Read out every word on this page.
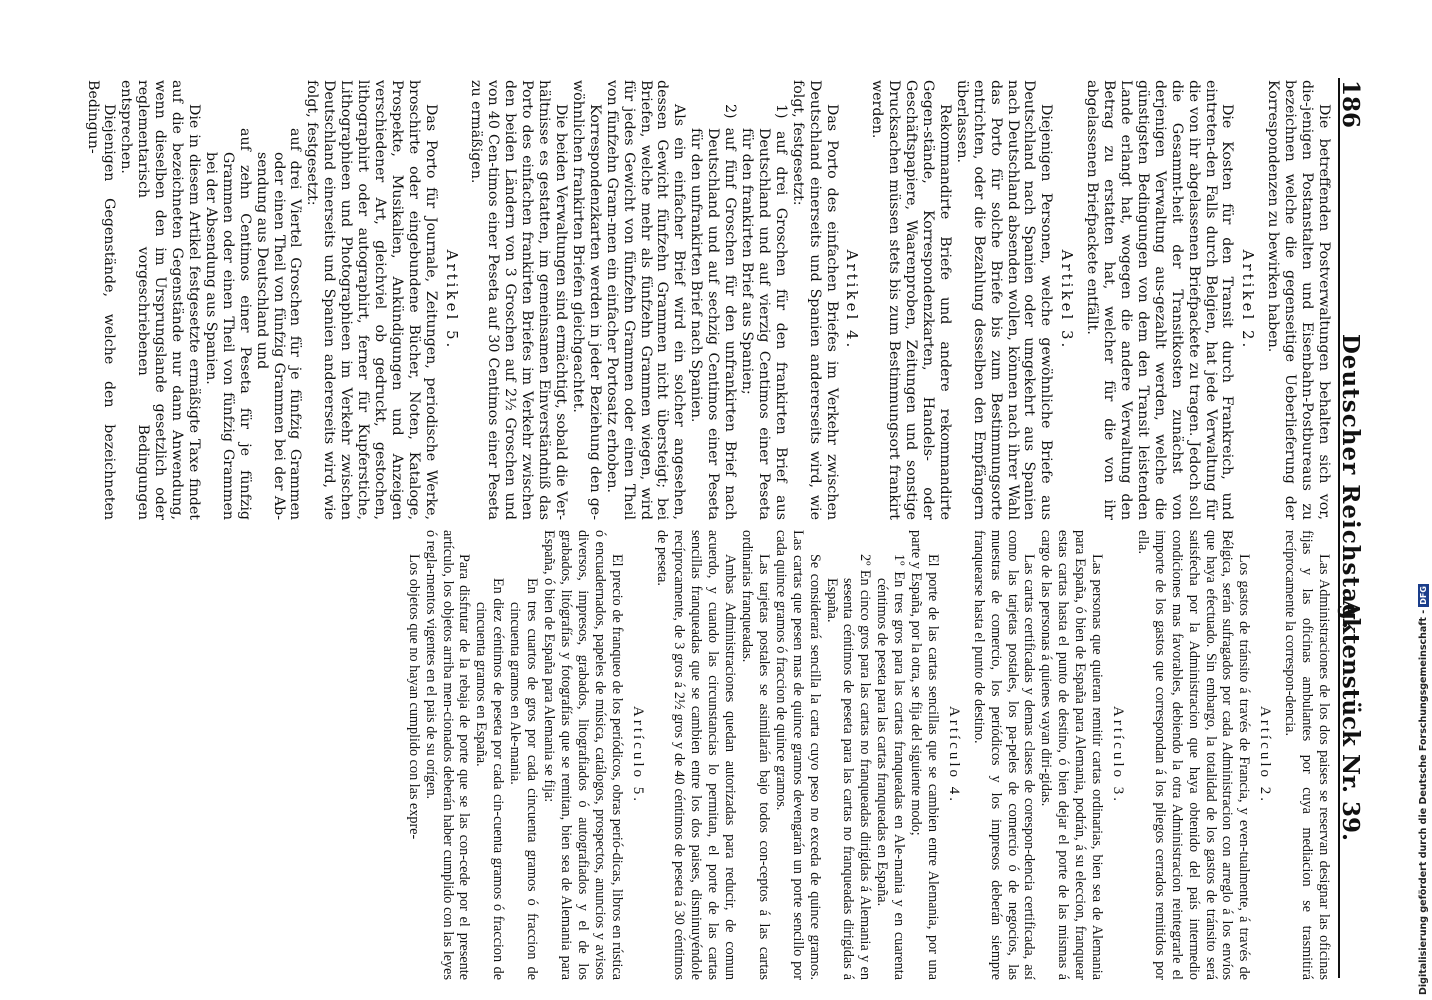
186
Deutscher Reichstag.
Aktenstück Nr. 39.

Die betreffenden Postverwaltungen behalten sich vor, die-jenigen Postanstalten und Eisenbahn-Postbureaus zu bezeichnen welche die gegenseitige Ueberlieferung der Korrespondenzen zu bewirken haben.

Artikel 2.

Die Kosten für den Transit durch Frankreich, und eintreten-den Falls durch Belgien, hat jede Verwaltung für die von ihr abgelassenen Briefpackete zu tragen. Jedoch soll die Gesammt-heit der Transitkosten zunächst von derjenigen Verwaltung aus-gezahlt werden, welche die günstigsten Bedingungen von dem den Transit leistenden Lande erlangt hat, wogegen die andere Verwaltung den Betrag zu erstatten hat, welcher für die von ihr abgelassenen Briefpackete entfällt.

Artikel 3.

Diejenigen Personen, welche gewöhnliche Briefe aus Deutschland nach Spanien oder umgekehrt aus Spanien nach Deutschland absenden wollen, können nach ihrer Wahl das Porto für solche Briefe bis zum Bestimmungsorte entrichten, oder die Bezahlung desselben den Empfängern überlassen.

Rekommandirte Briefe und andere rekommandirte Gegen-stände, Korrespondenzkarten, Handels- oder Geschäftspapiere, Waarenproben, Zeitungen und sonstige Drucksachen müssen stets bis zum Bestimmungsort frankirt werden.

Artikel 4.

Das Porto des einfachen Briefes im Verkehr zwischen Deutschland einerseits und Spanien andererseits wird, wie folgt, festgesetzt:

1) auf drei Groschen für den frankirten Brief aus Deutschland und auf vierzig Centimos einer Peseta für den frankirten Brief aus Spanien;

2) auf fünf Groschen für den unfrankirten Brief nach Deutschland und auf sechzig Centimos einer Peseta für den unfrankirten Brief nach Spanien.

Als ein einfacher Brief wird ein solcher angesehen, dessen Gewicht fünfzehn Grammen nicht übersteigt; bei Briefen, welche mehr als fünfzehn Grammen wiegen, wird für jedes Gewicht von fünfzehn Grammen oder einen Theil von fünfzehn Gram-men ein einfacher Portosatz erhoben.

Korrespondenzkarten werden in jeder Beziehung den ge-wöhnlichen frankirten Briefen gleichgeachtet.

Die beiden Verwaltungen sind ermächtigt, sobald die Ver-hältnisse es gestatten, im gemeinsamen Einverständniß das Porto des einfachen frankirten Briefes im Verkehr zwischen den beiden Ländern von 3 Groschen auf 2½ Groschen und von 40 Cen-timos einer Peseta auf 30 Centimos einer Peseta zu ermäßigen.

Artikel 5.

Das Porto für Journale, Zeitungen, periodische Werke, broschirte oder eingebundene Bücher, Noten, Kataloge, Prospekte, Musikalien, Ankündigungen und Anzeigen verschiedener Art, gleichviel ob gedruckt, gestochen, lithographirt oder autographirt, ferner für Kupferstiche, Lithographieen und Photographieen im Verkehr zwischen Deutschland einerseits und Spanien andererseits wird, wie folgt, festgesetzt:

auf drei Viertel Groschen für je fünfzig Grammen oder einen Theil von fünfzig Grammen bei der Ab-sendung aus Deutschland und

auf zehn Centimos einer Peseta für je fünfzig Grammen oder einen Theil von fünfzig Grammen bei der Absendung aus Spanien.

Die in diesem Artikel festgesetzte ermäßigte Taxe findet auf die bezeichneten Gegenstände nur dann Anwendung, wenn dieselben den im Ursprungslande gesetzlich oder reglementarisch vorgeschriebenen Bedingungen entsprechen.

Diejenigen Gegenstände, welche den bezeichneten Bedingun-

Las Administraciones de los dos paises se reservan designar las oficinas fijas y las oficinas ambulantes por cuya mediacion se trasmitirá recíprocamente la correspon-dencia.

Artículo 2.

Los gastos de tránsito á través de Francia, y even-tualmente, á través de Bélgica, serán sufragados por cada Administracion con arreglo á los envíos que haya efectuado. Sin embargo, la totalidad de los gastos de tránsito será satisfecha por la Administracion que haya obtenido del país intermedio condiciones mas favorables, debiendo la otra Administracion reintegrarle el importe de los gastos que correspondan á los pliegos cerrados remitidos por ella.

Artículo 3.

Las personas que quieran remitir cartas ordinarias, bien sea de Alemania para España, ó bien de España para Alemania, podrán, á su eleccion, franquear estas cartas hasta el punto de destino, ó bien dejar el porte de las mismas á cargo de las personas á quienes vayan diri-gidas.

Las cartas certificadas y demas clases de corespon-dencia certificada, así como las tarjetas postales, los pa-peles de comercio ó de negocios, las muestras de comercio, los periódicos y los impresos deberán siempre franquearse hasta el punto de destino.

Artículo 4.

El porte de las cartas sencillas que se cambien entre Alemania, por una parte y España, por la otra, se fija del siguiente modo;

1º En tres gros para las cartas franqueadas en Ale-mania y en cuarenta céntimos de peseta para las cartas franqueadas en España.

2º En cinco gros para las cartas no franqueadas dirigidas á Alemania y en sesenta céntimos de peseta para las cartas no franqueadas dirigidas á España.

Se considerará sencilla la carta cuyo peso no exceda de quince gramos. Las cartas que pesen mas de quince gramos devengarán un porte sencillo por cada quince gramos ó fraccion de quince gramos.

Las tarjetas postales se asimilarán bajo todos con-ceptos á las cartas ordinarias franqueadas.

Ambas Administraciones quedan autorizadas para reducir, de comun acuerdo, y cuando las circunstancias lo permitan, el porte de las cartas sencillas franqueadas que se cambien entre los dos paises, disminuyéndole recíprocamente, de 3 gros á 2½ gros y de 40 céntimos de peseta á 30 céntimos de peseta.

Artículo 5.

El precio de franqueo de los periódicos, obras perió-dicas, libros en rústica ó encuadernados, papeles de música, catálogos, prospectos, anuncios y avisos diversos, impresos, grabados, litografiados ó autografiados y el de los grabados, litógrafías y fotografías que se remitan, bien sea de Alemania para España, ó bien de España para Alemania se fija:

En tres cuartos de gros por cada cincuenta gramos ó fraccion de cincuenta gramos en Ale-mania.

En diez céntimos de peseta por cada cin-cuenta gramos ó fraccion de cincuenta gramos en España.

Para disfrutar de la rebaja de porte que se las con-cede por el presente artículo, los objetos arriba men-cionados deberán haber cumplido con las leyes ó regla-mentos vigentes en el pais de su orígen.

Los objetos que no hayan cumplido con las expre-	Digitalisierung gefördert durch die Deutsche Forschungsgemeinschaft -DFG
